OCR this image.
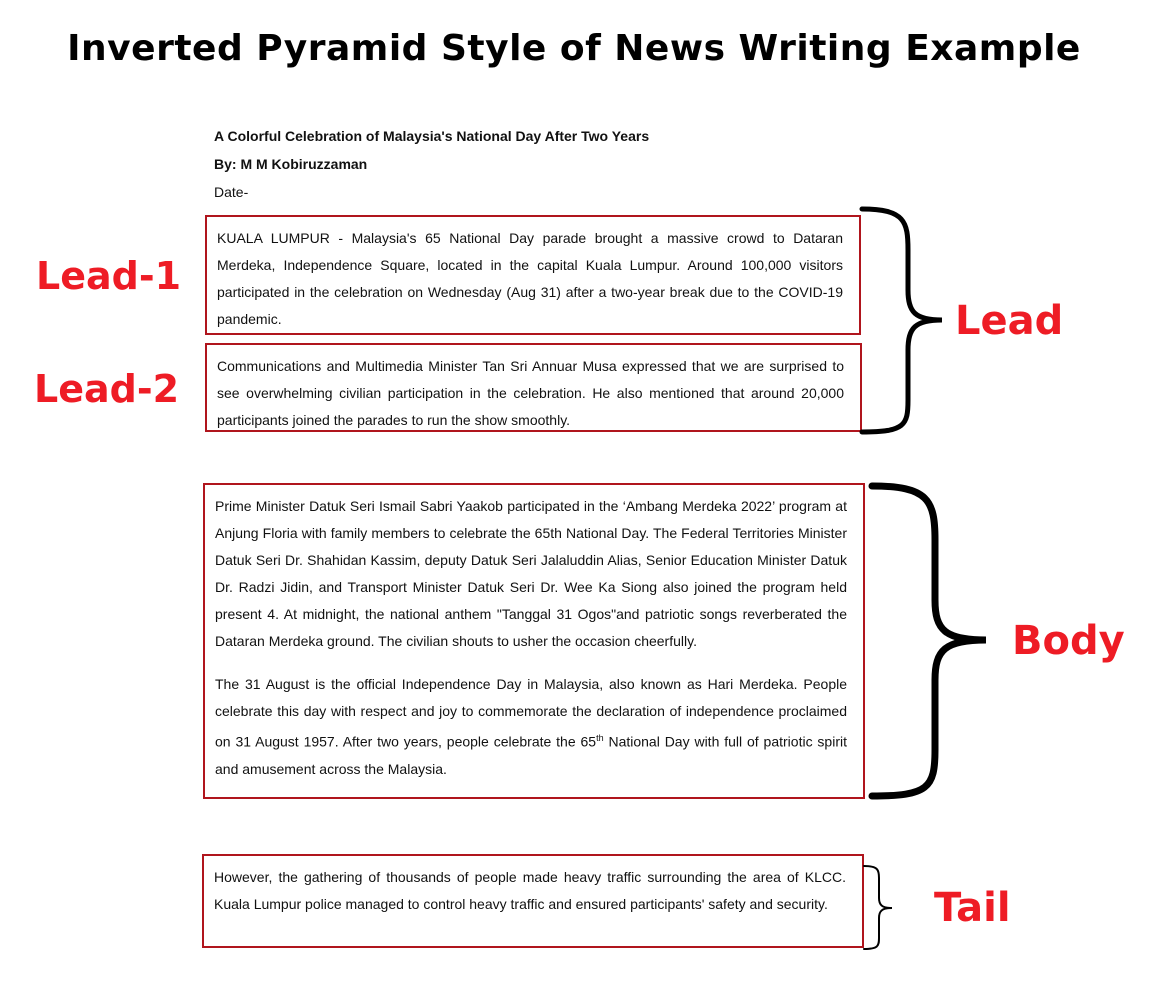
Inverted Pyramid Style of News Writing Example
A Colorful Celebration of Malaysia's National Day After Two Years
By: M M Kobiruzzaman
Date-

KUALA LUMPUR - Malaysia's 65 National Day parade brought a massive crowd to Dataran Merdeka, Independence Square, located in the capital Kuala Lumpur. Around 100,000 visitors participated in the celebration on Wednesday (Aug 31) after a two-year break due to the COVID-19 pandemic.

Communications and Multimedia Minister Tan Sri Annuar Musa expressed that we are surprised to see overwhelming civilian participation in the celebration. He also mentioned that around 20,000 participants joined the parades to run the show smoothly.

Prime Minister Datuk Seri Ismail Sabri Yaakob participated in the ‘Ambang Merdeka 2022’ program at Anjung Floria with family members to celebrate the 65th National Day. The Federal Territories Minister Datuk Seri Dr. Shahidan Kassim, deputy Datuk Seri Jalaluddin Alias, Senior Education Minister Datuk Dr. Radzi Jidin, and Transport Minister Datuk Seri Dr. Wee Ka Siong also joined the program held present 4. At midnight, the national anthem "Tanggal 31 Ogos"and patriotic songs reverberated the Dataran Merdeka ground. The civilian shouts to usher the occasion cheerfully.

The 31 August is the official Independence Day in Malaysia, also known as Hari Merdeka. People celebrate this day with respect and joy to commemorate the declaration of independence proclaimed on 31 August 1957. After two years, people celebrate the 65th National Day with full of patriotic spirit and amusement across the Malaysia.

However, the gathering of thousands of people made heavy traffic surrounding the area of KLCC. Kuala Lumpur police managed to control heavy traffic and ensured participants' safety and security.

Lead-1
Lead-2
Lead
Body
Tail
